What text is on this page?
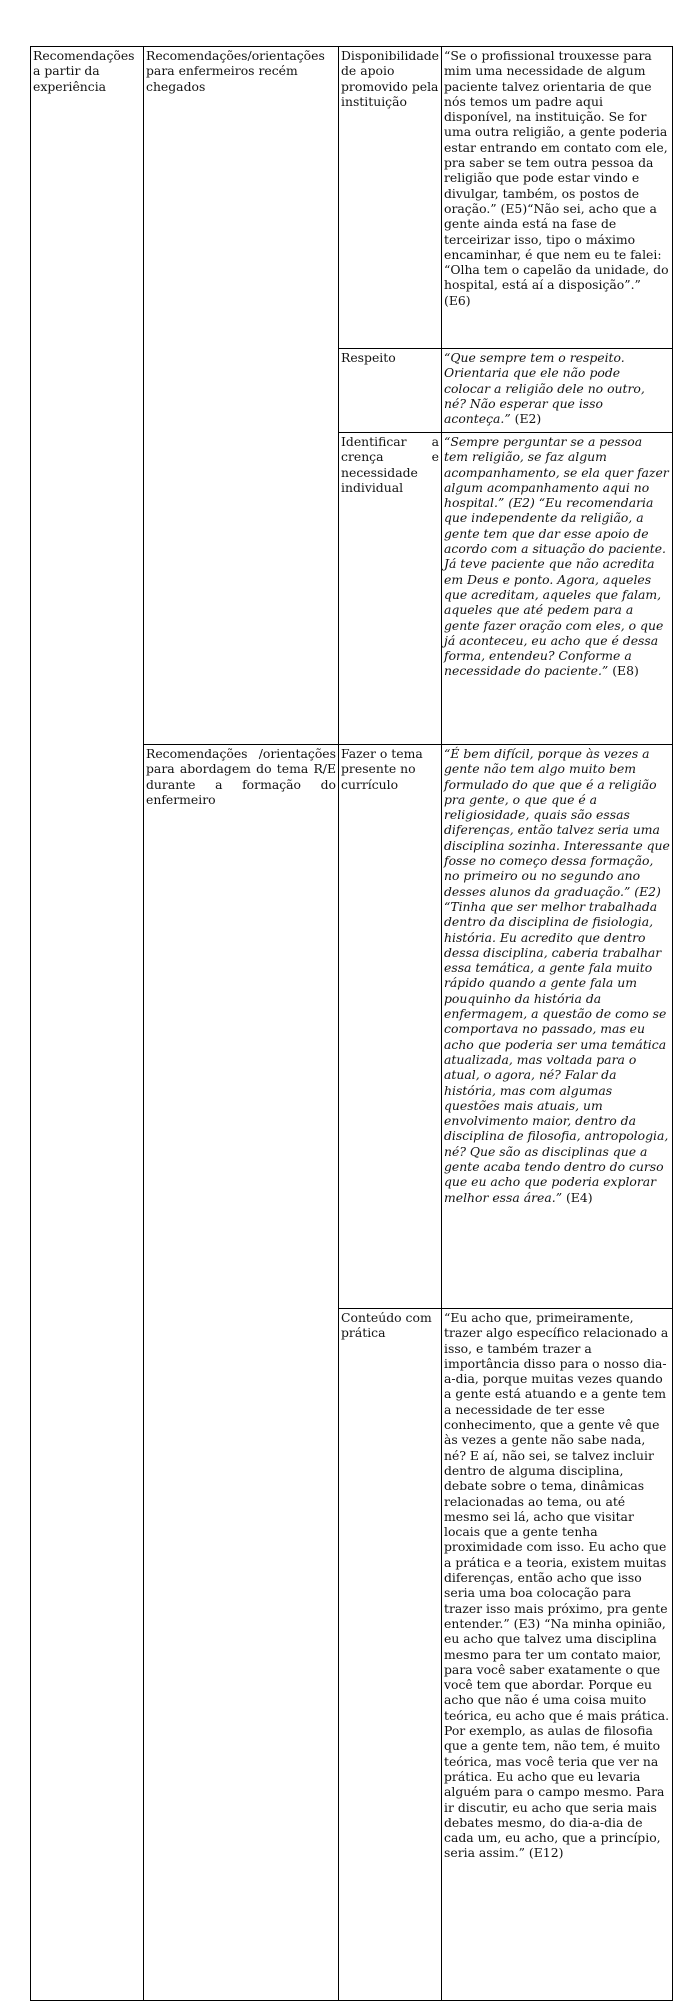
Recomendações a partir da experiência	Recomendações/orientações para enfermeiros recém chegados	Disponibilidade de apoio promovido pela instituição	“Se o profissional trouxesse para mim uma necessidade de algum paciente talvez orientaria de que nós temos um padre aqui disponível, na instituição. Se for uma outra religião, a gente poderia estar entrando em contato com ele, pra saber se tem outra pessoa da religião que pode estar vindo e divulgar, também, os postos de oração.” (E5)“Não sei, acho que a gente ainda está na fase de terceirizar isso, tipo o máximo encaminhar, é que nem eu te falei: “Olha tem o capelão da unidade, do hospital, está aí a disposição”.” (E6)
		Respeito	“Que sempre tem o respeito. Orientaria que ele não pode colocar a religião dele no outro, né? Não esperar que isso aconteça.” (E2)
		Identificar a crença e necessidade individual	“Sempre perguntar se a pessoa tem religião, se faz algum acompanhamento, se ela quer fazer algum acompanhamento aqui no hospital.” (E2) “Eu recomendaria que independente da religião, a gente tem que dar esse apoio de acordo com a situação do paciente. Já teve paciente que não acredita em Deus e ponto. Agora, aqueles que acreditam, aqueles que falam, aqueles que até pedem para a gente fazer oração com eles, o que já aconteceu, eu acho que é dessa forma, entendeu? Conforme a necessidade do paciente.” (E8)
	Recomendações /orientações para abordagem do tema R/E durante a formação do enfermeiro	Fazer o tema presente no currículo	“É bem difícil, porque às vezes a gente não tem algo muito bem formulado do que que é a religião pra gente, o que que é a religiosidade, quais são essas diferenças, então talvez seria uma disciplina sozinha. Interessante que fosse no começo dessa formação, no primeiro ou no segundo ano desses alunos da graduação.” (E2) “Tinha que ser melhor trabalhada dentro da disciplina de fisiologia, história. Eu acredito que dentro dessa disciplina, caberia trabalhar essa temática, a gente fala muito rápido quando a gente fala um pouquinho da história da enfermagem, a questão de como se comportava no passado, mas eu acho que poderia ser uma temática atualizada, mas voltada para o atual, o agora, né? Falar da história, mas com algumas questões mais atuais, um envolvimento maior, dentro da disciplina de filosofia, antropologia, né? Que são as disciplinas que a gente acaba tendo dentro do curso que eu acho que poderia explorar melhor essa área.” (E4)
		Conteúdo com prática	“Eu acho que, primeiramente, trazer algo específico relacionado a isso, e também trazer a importância disso para o nosso dia-a-dia, porque muitas vezes quando a gente está atuando e a gente tem a necessidade de ter esse conhecimento, que a gente vê que às vezes a gente não sabe nada, né? E aí, não sei, se talvez incluir dentro de alguma disciplina, debate sobre o tema, dinâmicas relacionadas ao tema, ou até mesmo sei lá, acho que visitar locais que a gente tenha proximidade com isso. Eu acho que a prática e a teoria, existem muitas diferenças, então acho que isso seria uma boa colocação para trazer isso mais próximo, pra gente entender.” (E3) “Na minha opinião, eu acho que talvez uma disciplina mesmo para ter um contato maior, para você saber exatamente o que você tem que abordar. Porque eu acho que não é uma coisa muito teórica, eu acho que é mais prática. Por exemplo, as aulas de filosofia que a gente tem, não tem, é muito teórica, mas você teria que ver na prática. Eu acho que eu levaria alguém para o campo mesmo. Para ir discutir, eu acho que seria mais debates mesmo, do dia-a-dia de cada um, eu acho, que a princípio, seria assim.” (E12)
